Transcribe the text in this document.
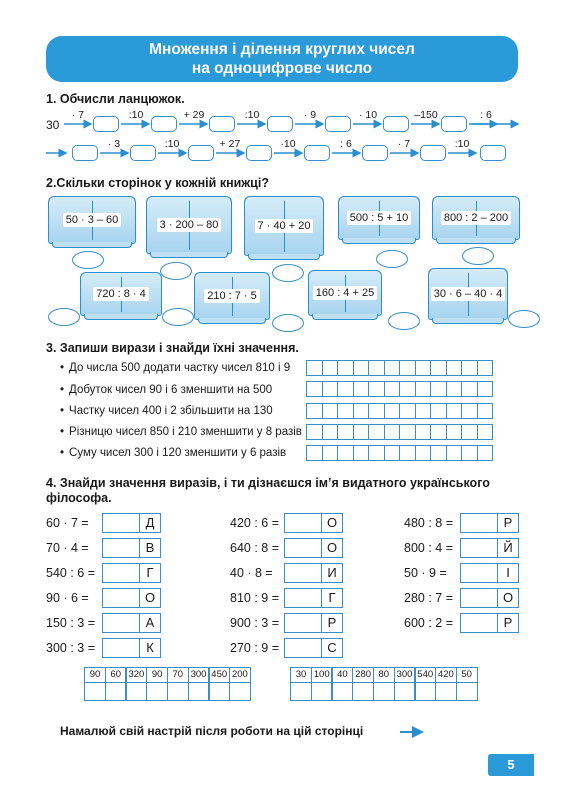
Множення і ділення круглих чисел
на одноцифрове число
1. Обчисли ланцюжок.
30
· 7	:10	+ 29	:10	· 9	· 10	–150	: 6
· 3	:10	+ 27	·10	: 6	· 7	:10
2.Скільки сторінок у кожній книжці?
50 · 3 – 60	3 · 200 – 80	7 · 40 + 20
500 : 5 + 10	800 : 2 – 200
720 : 8 · 4	210 : 7 · 5	160 : 4 + 25	30 · 6 – 40 · 4
3. Запиши вирази і знайди їхні значення.
• До числа 500 додати частку чисел 810 і 9
• Добуток чисел 90 і 6 зменшити на 500
• Частку чисел 400 і 2 збільшити на 130
• Різницю чисел 850 і 210 зменшити у 8 разів
• Суму чисел 300 і 120 зменшити у 6 разів
4. Знайди значення виразів, і ти дізнаєшся ім’я видатного українського
філософа.
60 · 7 =	Д
70 · 4 =	В
540 : 6 =	Г
90 · 6 =	О
150 : 3 =	А
300 : 3 =	К
420 : 6 =	О
640 : 8 =	О
40 · 8 =	И
810 : 9 =	Г
900 : 3 =	Р
270 : 9 =	С
480 : 8 =	Р
800 : 4 =	Й
50 · 9 =	І
280 : 7 =	О
600 : 2 =	Р
90	60 320 90	70 300 450 200	30 100 40 280 80 300 540 420 50
Намалюй свій настрій після роботи на цій сторінці
5
